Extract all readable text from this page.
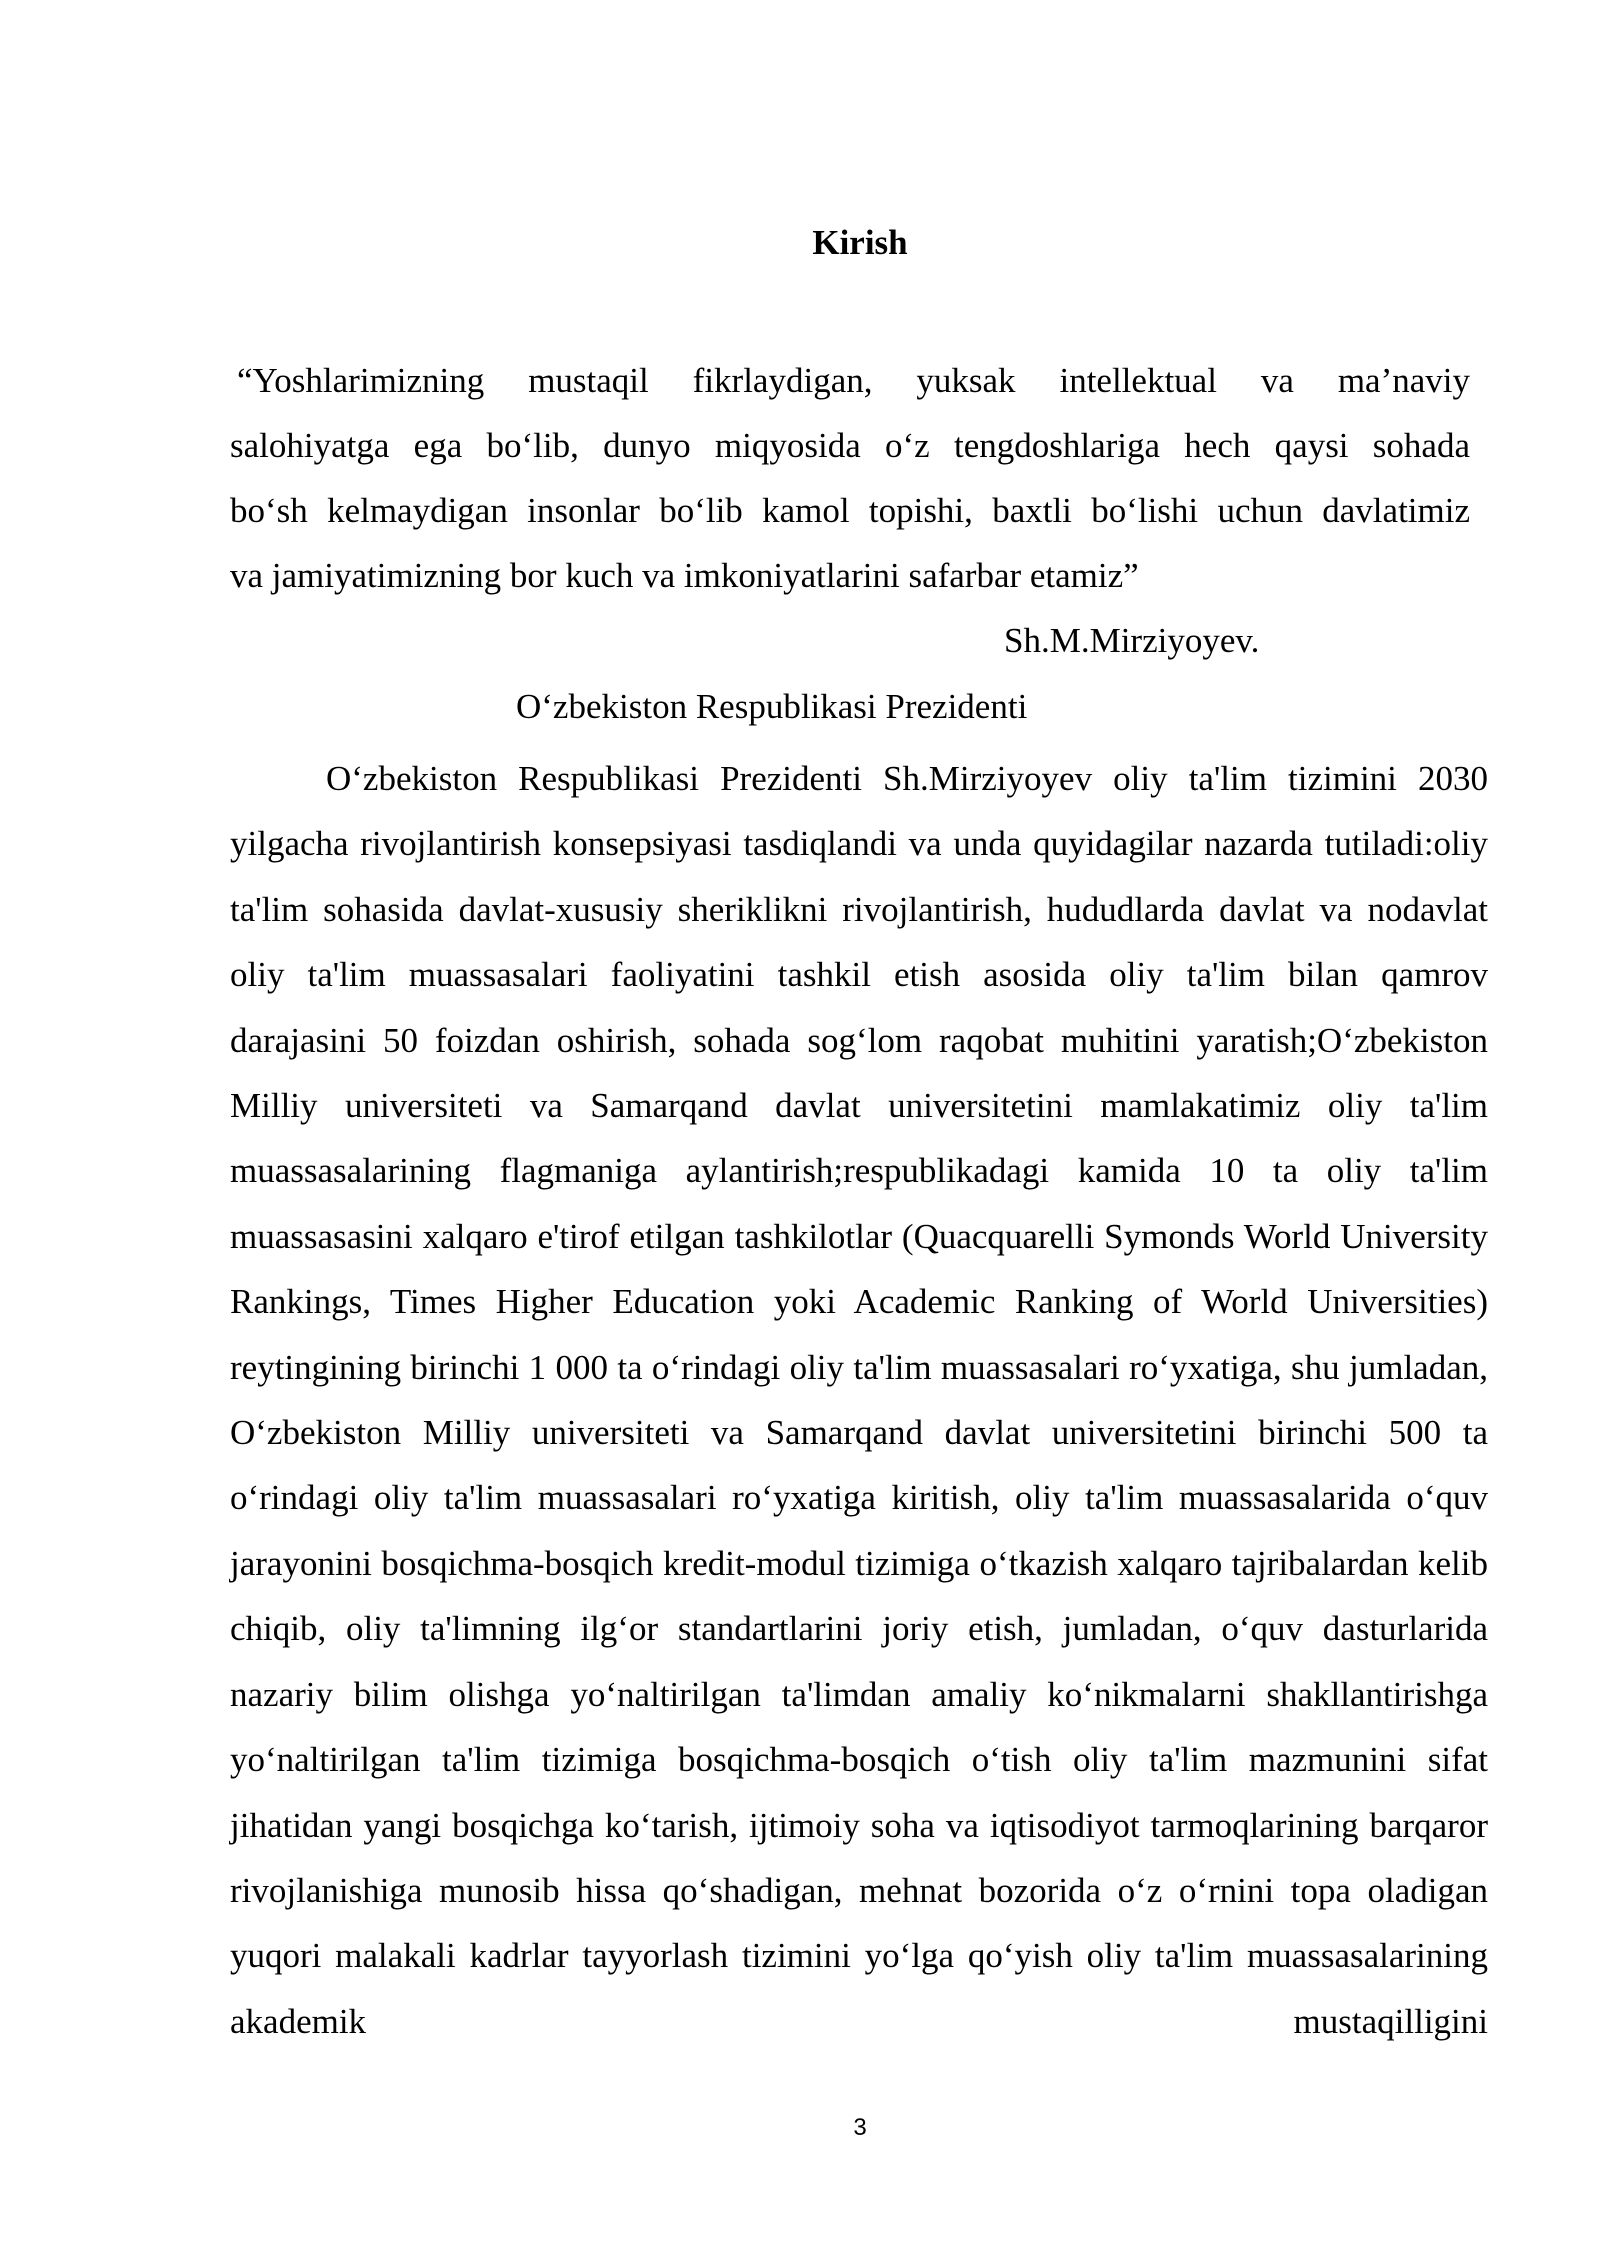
Kirish
“Yoshlarimizning mustaqil fikrlaydigan, yuksak intellektual va ma’naviy
salohiyatga ega bo‘lib, dunyo miqyosida o‘z tengdoshlariga hech qaysi sohada
bo‘sh kelmaydigan insonlar bo‘lib kamol topishi, baxtli bo‘lishi uchun davlatimiz
va jamiyatimizning bor kuch va imkoniyatlarini safarbar etamiz”
Sh.M.Mirziyoyev.
O‘zbekiston Respublikasi Prezidenti

O‘zbekiston Respublikasi Prezidenti Sh.Mirziyoyev oliy ta'lim tizimini 2030 yilgacha rivojlantirish konsepsiyasi tasdiqlandi va unda quyidagilar nazarda tutiladi:oliy ta'lim sohasida davlat-xususiy sheriklikni rivojlantirish, hududlarda davlat va nodavlat oliy ta'lim muassasalari faoliyatini tashkil etish asosida oliy ta'lim bilan qamrov darajasini 50 foizdan oshirish, sohada sog‘lom raqobat muhitini yaratish;O‘zbekiston Milliy universiteti va Samarqand davlat universitetini mamlakatimiz oliy ta'lim muassasalarining flagmaniga aylantirish;respublikadagi kamida 10 ta oliy ta'lim muassasasini xalqaro e'tirof etilgan tashkilotlar (Quacquarelli Symonds World University Rankings, Times Higher Education yoki Academic Ranking of World Universities) reytingining birinchi 1 000 ta o‘rindagi oliy ta'lim muassasalari ro‘yxatiga, shu jumladan, O‘zbekiston Milliy universiteti va Samarqand davlat universitetini birinchi 500 ta o‘rindagi oliy ta'lim muassasalari ro‘yxatiga kiritish, oliy ta'lim muassasalarida o‘quv jarayonini bosqichma-bosqich kredit-modul tizimiga o‘tkazish xalqaro tajribalardan kelib chiqib, oliy ta'limning ilg‘or standartlarini joriy etish, jumladan, o‘quv dasturlarida nazariy bilim olishga yo‘naltirilgan ta'limdan amaliy ko‘nikmalarni shakllantirishga yo‘naltirilgan ta'lim tizimiga bosqichma-bosqich o‘tish oliy ta'lim mazmunini sifat jihatidan yangi bosqichga ko‘tarish, ijtimoiy soha va iqtisodiyot tarmoqlarining barqaror rivojlanishiga munosib hissa qo‘shadigan, mehnat bozorida o‘z o‘rnini topa oladigan yuqori malakali kadrlar tayyorlash tizimini yo‘lga qo‘yish oliy ta'lim muassasalarining akademik mustaqilligini

3
